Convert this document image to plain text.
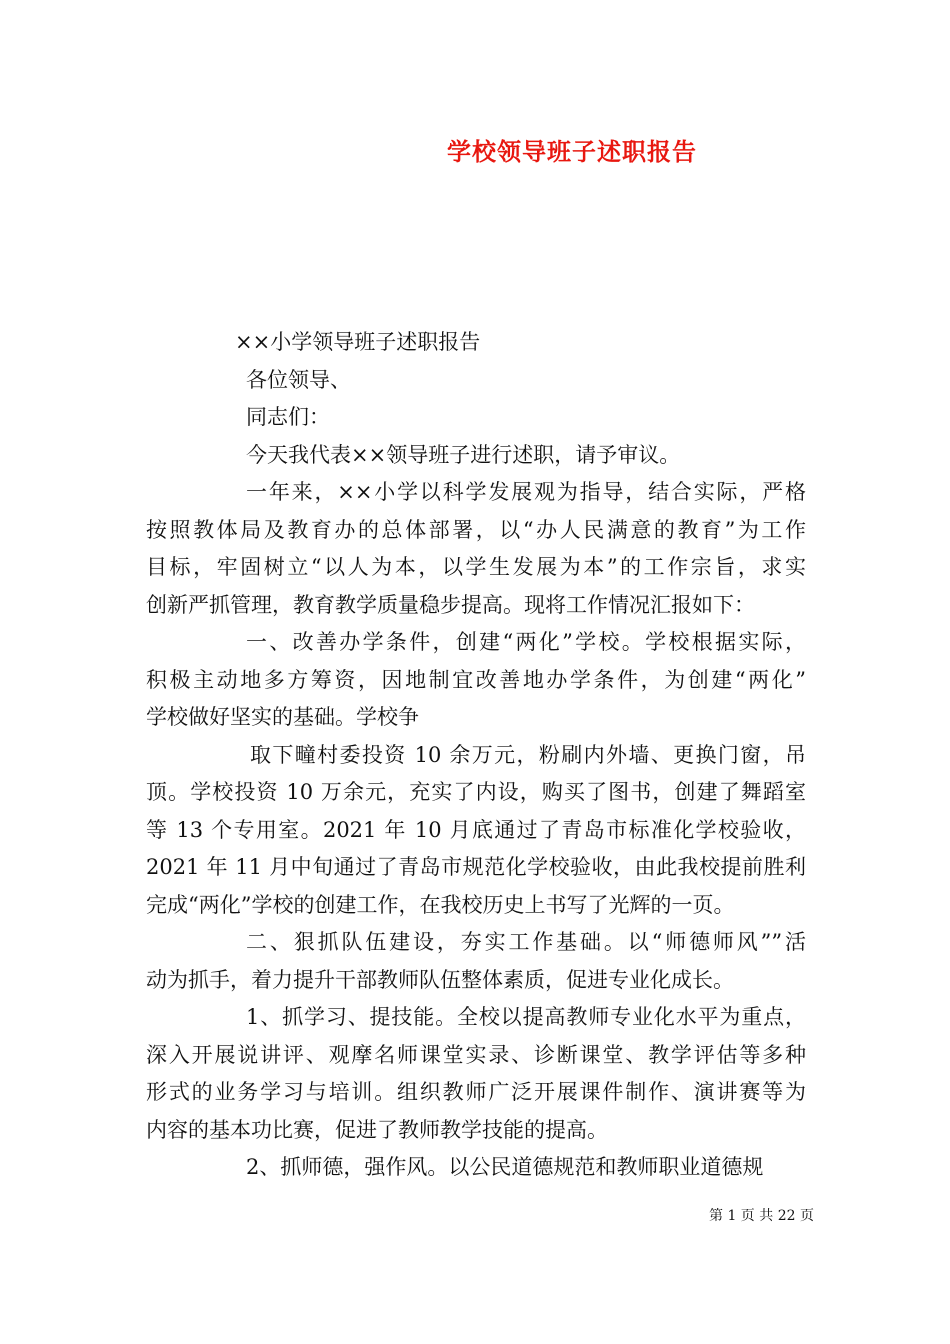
学校领导班子述职报告
××小学领导班子述职报告
各位领导、
同志们：
今天我代表××领导班子进行述职，请予审议。
一年来，××小学以科学发展观为指导，结合实际，严格
按照教体局及教育办的总体部署，以“办人民满意的教育”为工作
目标，牢固树立“以人为本，以学生发展为本”的工作宗旨，求实
创新严抓管理，教育教学质量稳步提高。现将工作情况汇报如下：
一、改善办学条件，创建“两化”学校。学校根据实际，
积极主动地多方筹资，因地制宜改善地办学条件，为创建“两化”
学校做好坚实的基础。学校争
取下疃村委投资 10 余万元，粉刷内外墙、更换门窗，吊
顶。学校投资 10 万余元，充实了内设，购买了图书，创建了舞蹈室
等 13 个专用室。2021 年 10 月底通过了青岛市标准化学校验收，
2021 年 11 月中旬通过了青岛市规范化学校验收，由此我校提前胜利
完成“两化”学校的创建工作，在我校历史上书写了光辉的一页。
二、狠抓队伍建设，夯实工作基础。以“师德师风””活
动为抓手，着力提升干部教师队伍整体素质，促进专业化成长。
1、抓学习、提技能。全校以提高教师专业化水平为重点，
深入开展说讲评、观摩名师课堂实录、诊断课堂、教学评估等多种
形式的业务学习与培训。组织教师广泛开展课件制作、演讲赛等为
内容的基本功比赛，促进了教师教学技能的提高。
2、抓师德，强作风。以公民道德规范和教师职业道德规
第 1 页 共 22 页
